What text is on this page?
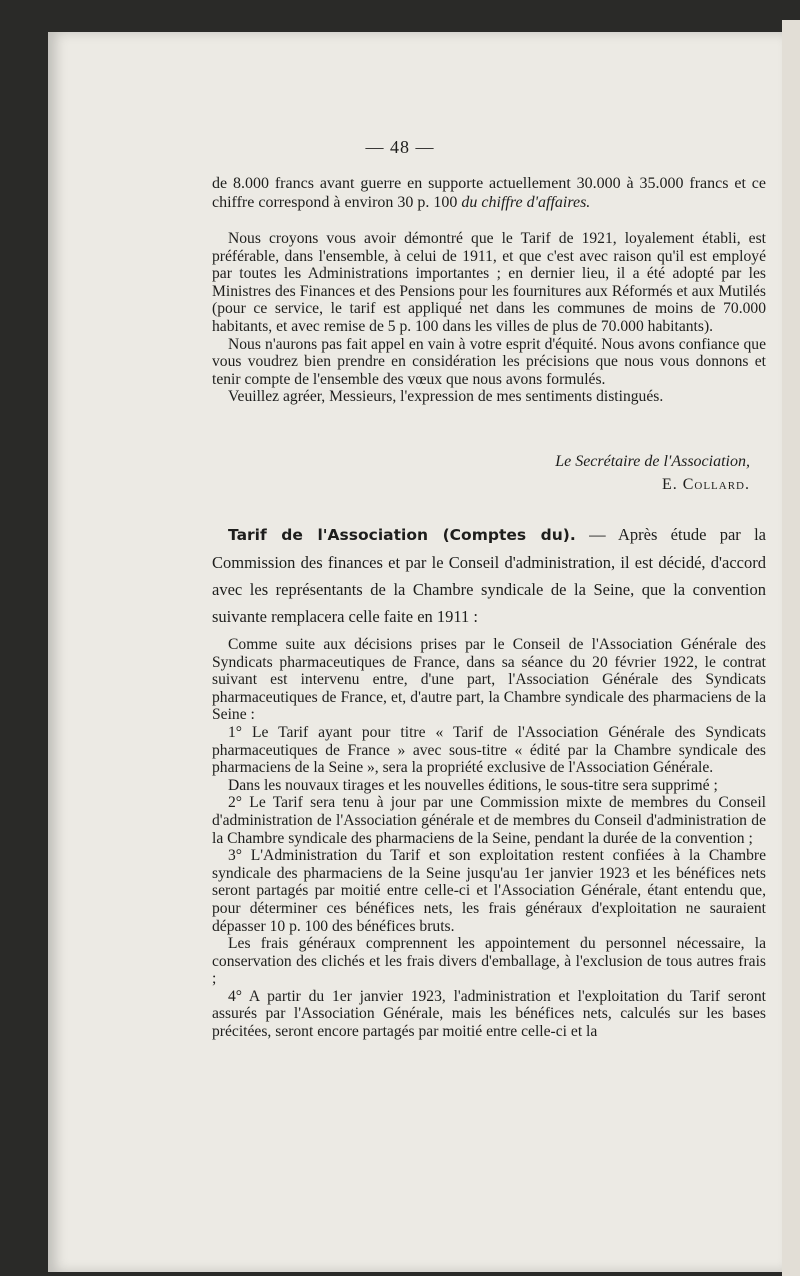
— 48 —

de 8.000 francs avant guerre en supporte actuellement 30.000 à 35.000 francs et ce chiffre correspond à environ 30 p. 100 du chiffre d'affaires.

Nous croyons vous avoir démontré que le Tarif de 1921, loyalement établi, est préférable, dans l'ensemble, à celui de 1911, et que c'est avec raison qu'il est employé par toutes les Administrations importantes ; en dernier lieu, il a été adopté par les Ministres des Finances et des Pensions pour les fournitures aux Réformés et aux Mutilés (pour ce service, le tarif est appliqué net dans les communes de moins de 70.000 habitants, et avec remise de 5 p. 100 dans les villes de plus de 70.000 habitants).

Nous n'aurons pas fait appel en vain à votre esprit d'équité. Nous avons confiance que vous voudrez bien prendre en considération les précisions que nous vous donnons et tenir compte de l'ensemble des vœux que nous avons formulés.

Veuillez agréer, Messieurs, l'expression de mes sentiments distingués.

Le Secrétaire de l'Association,
E. Collard.

Tarif de l'Association (Comptes du). — Après étude par la Commission des finances et par le Conseil d'administration, il est décidé, d'accord avec les représentants de la Chambre syndicale de la Seine, que la convention suivante remplacera celle faite en 1911 :

Comme suite aux décisions prises par le Conseil de l'Association Générale des Syndicats pharmaceutiques de France, dans sa séance du 20 février 1922, le contrat suivant est intervenu entre, d'une part, l'Association Générale des Syndicats pharmaceutiques de France, et, d'autre part, la Chambre syndicale des pharmaciens de la Seine :

1° Le Tarif ayant pour titre « Tarif de l'Association Générale des Syndicats pharmaceutiques de France » avec sous-titre « édité par la Chambre syndicale des pharmaciens de la Seine », sera la propriété exclusive de l'Association Générale.

Dans les nouvaux tirages et les nouvelles éditions, le sous-titre sera supprimé ;

2° Le Tarif sera tenu à jour par une Commission mixte de membres du Conseil d'administration de l'Association générale et de membres du Conseil d'administration de la Chambre syndicale des pharmaciens de la Seine, pendant la durée de la convention ;

3° L'Administration du Tarif et son exploitation restent confiées à la Chambre syndicale des pharmaciens de la Seine jusqu'au 1er janvier 1923 et les bénéfices nets seront partagés par moitié entre celle-ci et l'Association Générale, étant entendu que, pour déterminer ces bénéfices nets, les frais généraux d'exploitation ne sauraient dépasser 10 p. 100 des bénéfices bruts.

Les frais généraux comprennent les appointement du personnel nécessaire, la conservation des clichés et les frais divers d'emballage, à l'exclusion de tous autres frais ;

4° A partir du 1er janvier 1923, l'administration et l'exploitation du Tarif seront assurés par l'Association Générale, mais les bénéfices nets, calculés sur les bases précitées, seront encore partagés par moitié entre celle-ci et la
